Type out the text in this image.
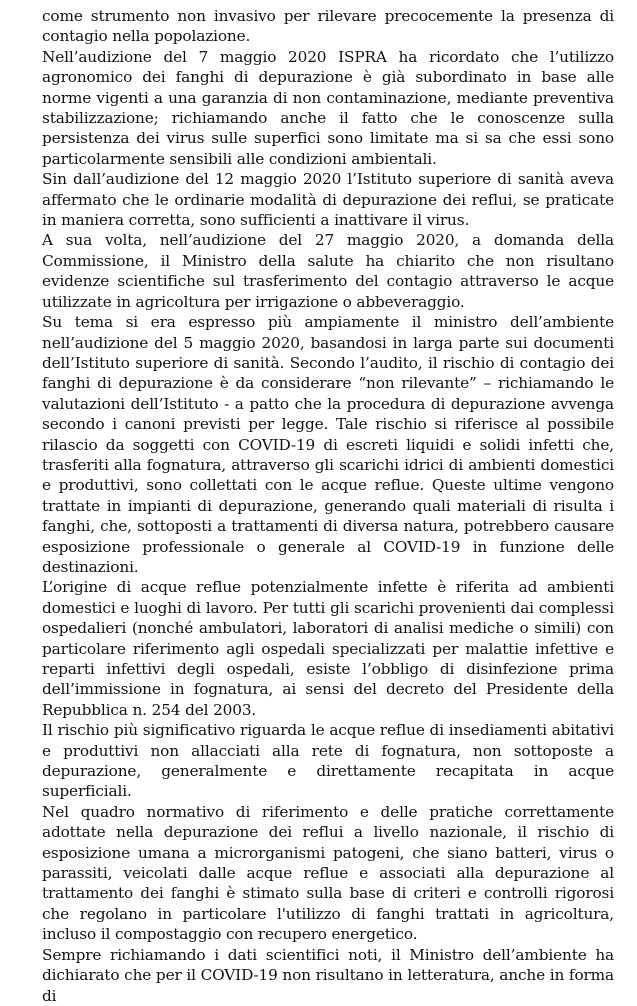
come strumento non invasivo per rilevare precocemente la presenza di contagio nella popolazione.

Nell’audizione del 7 maggio 2020 ISPRA ha ricordato che l’utilizzo agronomico dei fanghi di depurazione è già subordinato in base alle norme vigenti a una garanzia di non contaminazione, mediante preventiva stabilizzazione; richiamando anche il fatto che le conoscenze sulla persistenza dei virus sulle superfici sono limitate ma si sa che essi sono particolarmente sensibili alle condizioni ambientali.

Sin dall’audizione del 12 maggio 2020 l’Istituto superiore di sanità aveva affermato che le ordinarie modalità di depurazione dei reflui, se praticate in maniera corretta, sono sufficienti a inattivare il virus.

A sua volta, nell’audizione del 27 maggio 2020, a domanda della Commissione, il Ministro della salute ha chiarito che non risultano evidenze scientifiche sul trasferimento del contagio attraverso le acque utilizzate in agricoltura per irrigazione o abbeveraggio.

Su tema si era espresso più ampiamente il ministro dell’ambiente nell’audizione del 5 maggio 2020, basandosi in larga parte sui documenti dell’Istituto superiore di sanità. Secondo l’audito, il rischio di contagio dei fanghi di depurazione è da considerare “non rilevante” – richiamando le valutazioni dell’Istituto - a patto che la procedura di depurazione avvenga secondo i canoni previsti per legge. Tale rischio si riferisce al possibile rilascio da soggetti con COVID-19 di escreti liquidi e solidi infetti che, trasferiti alla fognatura, attraverso gli scarichi idrici di ambienti domestici e produttivi, sono collettati con le acque reflue. Queste ultime vengono trattate in impianti di depurazione, generando quali materiali di risulta i fanghi, che, sottoposti a trattamenti di diversa natura, potrebbero causare esposizione professionale o generale al COVID-19 in funzione delle destinazioni.

L’origine di acque reflue potenzialmente infette è riferita ad ambienti domestici e luoghi di lavoro. Per tutti gli scarichi provenienti dai complessi ospedalieri (nonché ambulatori, laboratori di analisi mediche o simili) con particolare riferimento agli ospedali specializzati per malattie infettive e reparti infettivi degli ospedali, esiste l’obbligo di disinfezione prima dell’immissione in fognatura, ai sensi del decreto del Presidente della Repubblica n. 254 del 2003.

Il rischio più significativo riguarda le acque reflue di insediamenti abitativi e produttivi non allacciati alla rete di fognatura, non sottoposte a depurazione, generalmente e direttamente recapitata in acque superficiali.

Nel quadro normativo di riferimento e delle pratiche correttamente adottate nella depurazione dei reflui a livello nazionale, il rischio di esposizione umana a microrganismi patogeni, che siano batteri, virus o parassiti, veicolati dalle acque reflue e associati alla depurazione al trattamento dei fanghi è stimato sulla base di criteri e controlli rigorosi che regolano in particolare l'utilizzo di fanghi trattati in agricoltura, incluso il compostaggio con recupero energetico.

Sempre richiamando i dati scientifici noti, il Ministro dell’ambiente ha dichiarato che per il COVID-19 non risultano in letteratura, anche in forma di
